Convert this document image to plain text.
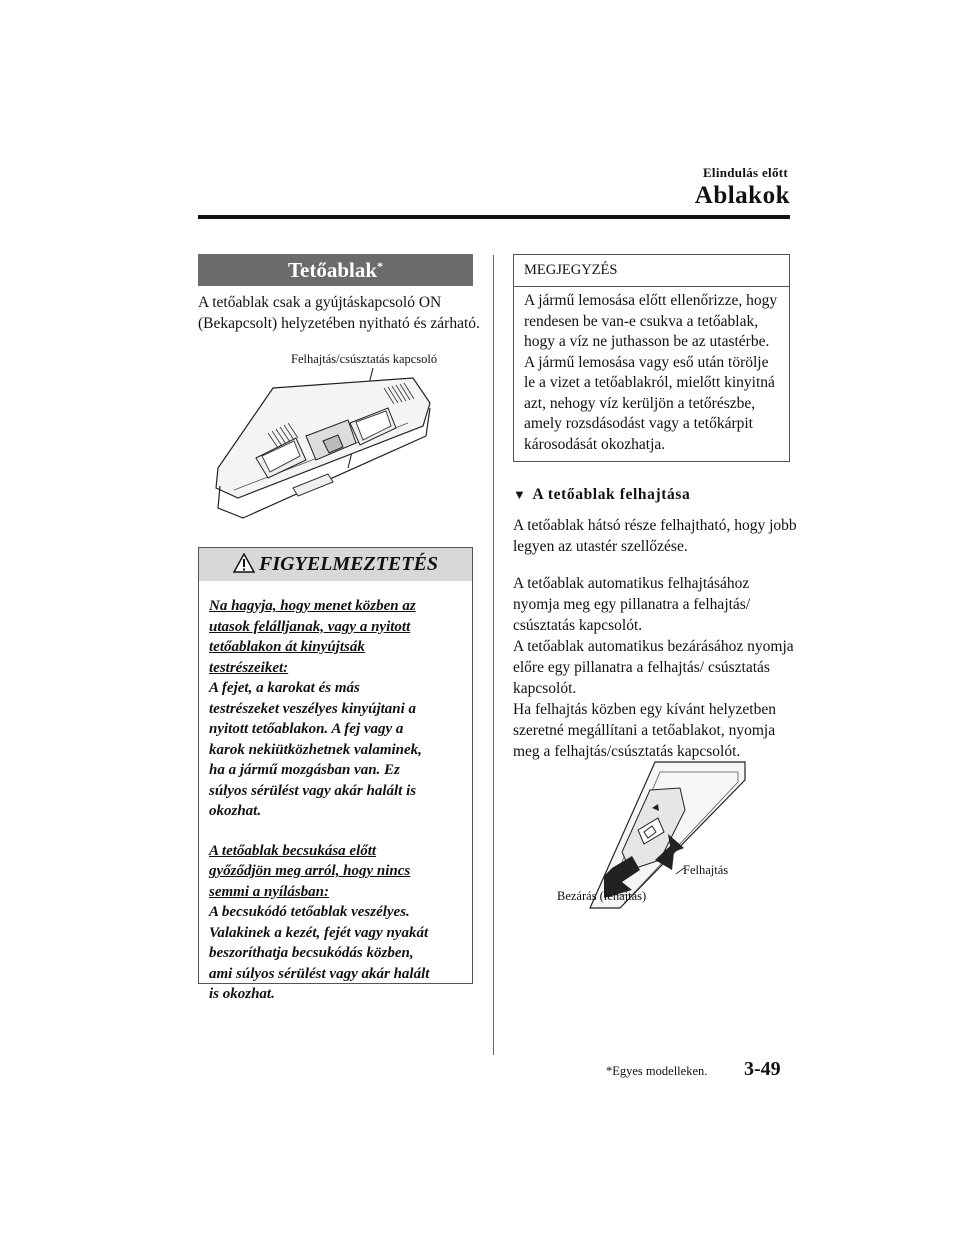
Elindulás előtt
Ablakok
Tetőablak*
A tetőablak csak a gyújtáskapcsoló ON (Bekapcsolt) helyzetében nyitható és zárható.
Felhajtás/csúsztatás kapcsoló
FIGYELMEZTETÉS

Na hagyja, hogy menet közben az
utasok felálljanak, vagy a nyitott
tetőablakon át kinyújtsák
testrészeiket:
A fejet, a karokat és más
testrészeket veszélyes kinyújtani a
nyitott tetőablakon. A fej vagy a
karok nekiütközhetnek valaminek,
ha a jármű mozgásban van. Ez
súlyos sérülést vagy akár halált is
okozhat.

A tetőablak becsukása előtt
győződjön meg arról, hogy nincs
semmi a nyílásban:
A becsukódó tetőablak veszélyes.
Valakinek a kezét, fejét vagy nyakát
beszoríthatja becsukódás közben,
ami súlyos sérülést vagy akár halált
is okozhat.

MEGJEGYZÉS
A jármű lemosása előtt ellenőrizze, hogy rendesen be van-e csukva a tetőablak, hogy a víz ne juthasson be az utastérbe. A jármű lemosása vagy eső után törölje le a vizet a tetőablakról, mielőtt kinyitná azt, nehogy víz kerüljön a tetőrészbe, amely rozsdásodást vagy a tetőkárpit károsodását okozhatja.
▼ A tetőablak felhajtása
A tetőablak hátsó része felhajtható, hogy jobb legyen az utastér szellőzése.
A tetőablak automatikus felhajtásához nyomja meg egy pillanatra a felhajtás/ csúsztatás kapcsolót.
A tetőablak automatikus bezárásához nyomja előre egy pillanatra a felhajtás/ csúsztatás kapcsolót.
Ha felhajtás közben egy kívánt helyzetben szeretné megállítani a tetőablakot, nyomja meg a felhajtás/csúsztatás kapcsolót.
Felhajtás
Bezárás (lehajtás)
*Egyes modelleken. 3-49
